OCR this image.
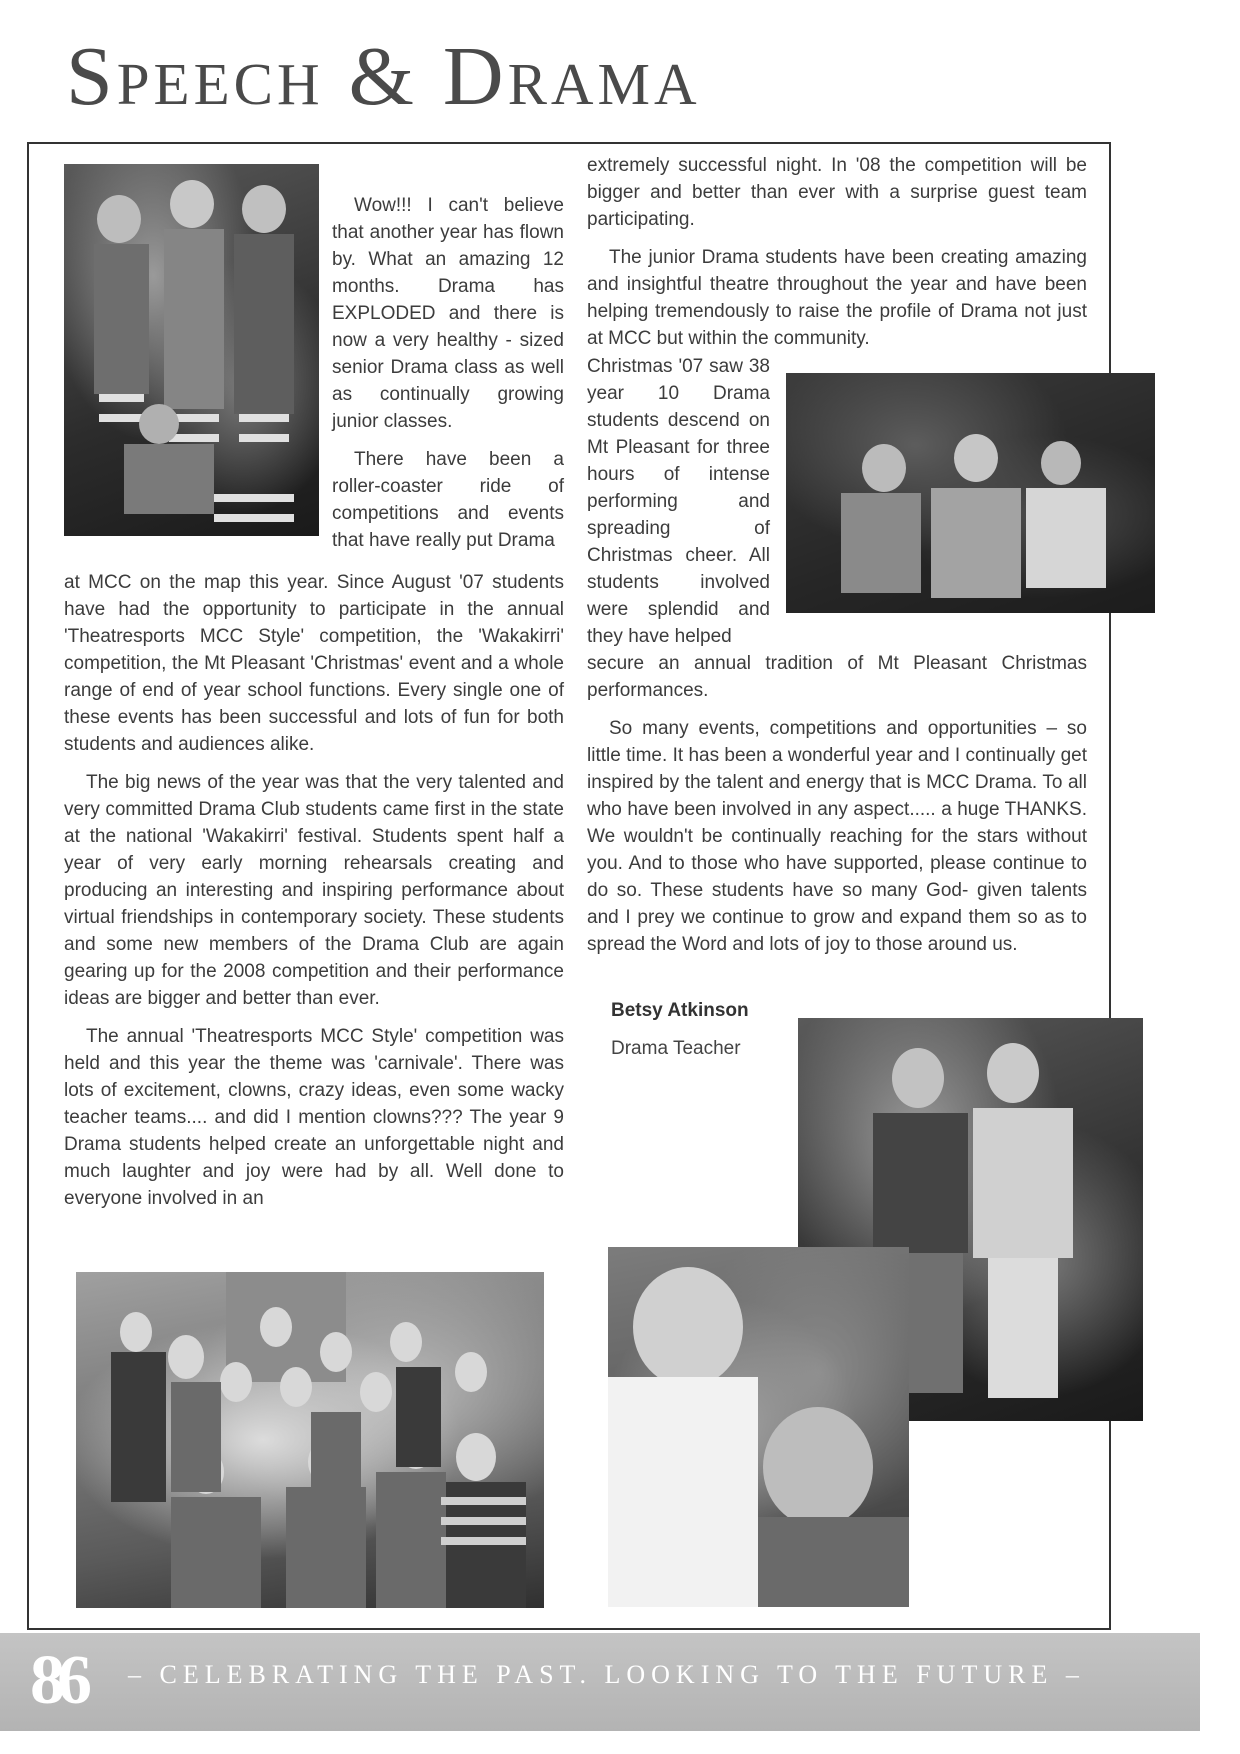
Speech & Drama

Wow!!! I can't believe that another year has flown by. What an amazing 12 months. Drama has EXPLODED and there is now a very healthy - sized senior Drama class as well as continually growing junior classes.

There have been a roller-coaster ride of competitions and events that have really put Drama

at MCC on the map this year. Since August '07 students have had the opportunity to participate in the annual 'Theatresports MCC Style' competition, the 'Wakakirri' competition, the Mt Pleasant 'Christmas' event and a whole range of end of year school functions. Every single one of these events has been successful and lots of fun for both students and audiences alike.

The big news of the year was that the very talented and very committed Drama Club students came first in the state at the national 'Wakakirri' festival. Students spent half a year of very early morning rehearsals creating and producing an interesting and inspiring performance about virtual friendships in contemporary society. These students and some new members of the Drama Club are again gearing up for the 2008 competition and their performance ideas are bigger and better than ever.

The annual 'Theatresports MCC Style' competition was held and this year the theme was 'carnivale'. There was lots of excitement, clowns, crazy ideas, even some wacky teacher teams.... and did I mention clowns??? The year 9 Drama students helped create an unforgettable night and much laughter and joy were had by all. Well done to everyone involved in an

extremely successful night. In '08 the competition will be bigger and better than ever with a surprise guest team participating.

The junior Drama students have been creating amazing and insightful theatre throughout the year and have been helping tremendously to raise the profile of Drama not just at MCC but within the community.

Christmas '07 saw 38 year 10 Drama students descend on Mt Pleasant for three hours of intense performing and spreading of Christmas cheer. All students involved were splendid and they have helped

secure an annual tradition of Mt Pleasant Christmas performances.

So many events, competitions and opportunities – so little time. It has been a wonderful year and I continually get inspired by the talent and energy that is MCC Drama. To all who have been involved in any aspect..... a huge THANKS. We wouldn't be continually reaching for the stars without you. And to those who have supported, please continue to do so. These students have so many God- given talents and I prey we continue to grow and expand them so as to spread the Word and lots of joy to those around us.

Betsy Atkinson

Drama Teacher

86 – CELEBRATING THE PAST. LOOKING TO THE FUTURE –
